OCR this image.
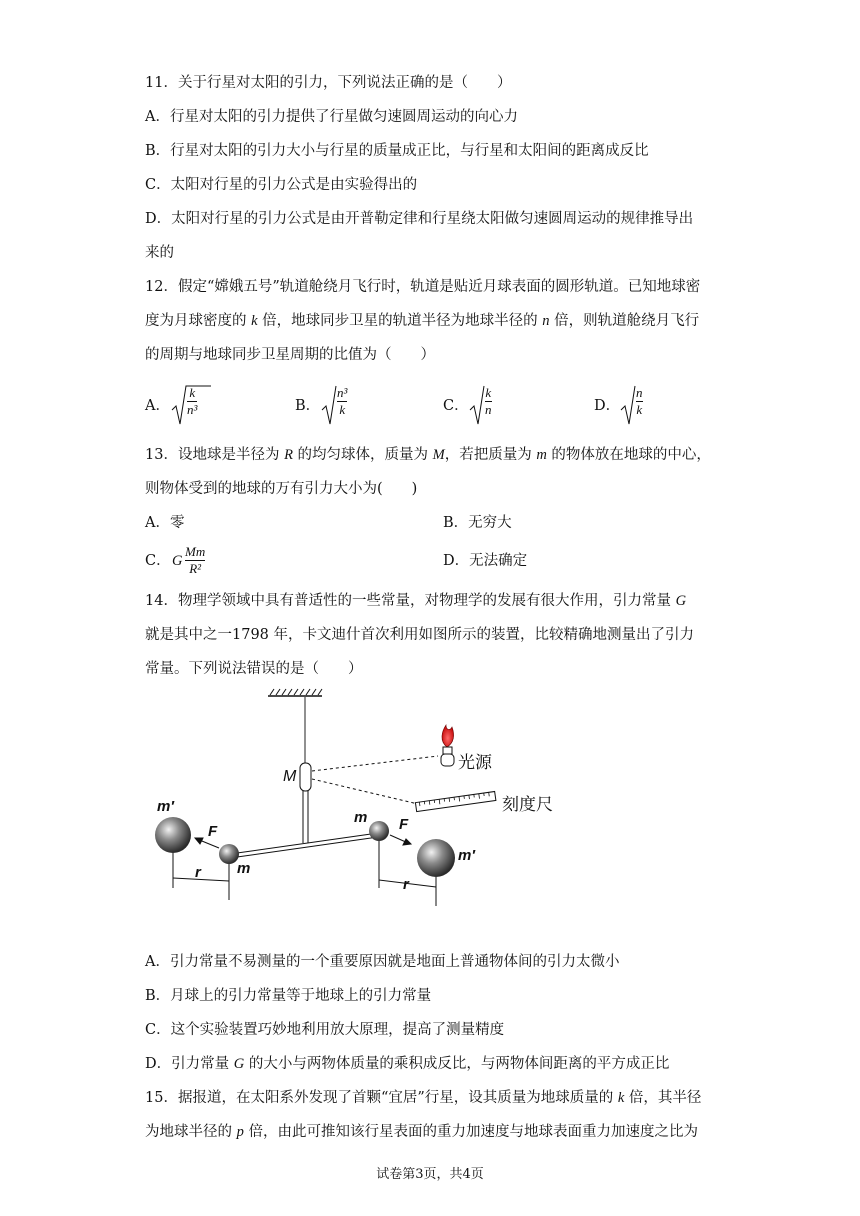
11．关于行星对太阳的引力，下列说法正确的是（　　）
A．行星对太阳的引力提供了行星做匀速圆周运动的向心力
B．行星对太阳的引力大小与行星的质量成正比，与行星和太阳间的距离成反比
C．太阳对行星的引力公式是由实验得出的
D．太阳对行星的引力公式是由开普勒定律和行星绕太阳做匀速圆周运动的规律推导出
来的
12．假定“嫦娥五号”轨道舱绕月飞行时，轨道是贴近月球表面的圆形轨道。已知地球密
度为月球密度的 k 倍，地球同步卫星的轨道半径为地球半径的 n 倍，则轨道舱绕月飞行
的周期与地球同步卫星周期的比值为（　　）
A．
k
n³	B．
n³
k	C．
k
n	D．
n
k
13．设地球是半径为 R 的均匀球体，质量为 M，若把质量为 m 的物体放在地球的中心，
则物体受到的地球的万有引力大小为(　　)
A．零	B．无穷大
C． G
Mm
R²	D．无法确定
14．物理学领域中具有普适性的一些常量，对物理学的发展有很大作用，引力常量 G
就是其中之一1798 年，卡文迪什首次利用如图所示的装置，比较精确地测量出了引力
常量。下列说法错误的是（　　）
光源
刻度尺
M
m′
m′
m
m
F	F
r
r
A．引力常量不易测量的一个重要原因就是地面上普通物体间的引力太微小
B．月球上的引力常量等于地球上的引力常量
C．这个实验装置巧妙地利用放大原理，提高了测量精度
D．引力常量 G 的大小与两物体质量的乘积成反比，与两物体间距离的平方成正比
15．据报道，在太阳系外发现了首颗“宜居”行星，设其质量为地球质量的 k 倍，其半径
为地球半径的 p 倍，由此可推知该行星表面的重力加速度与地球表面重力加速度之比为
试卷第3页，共4页
